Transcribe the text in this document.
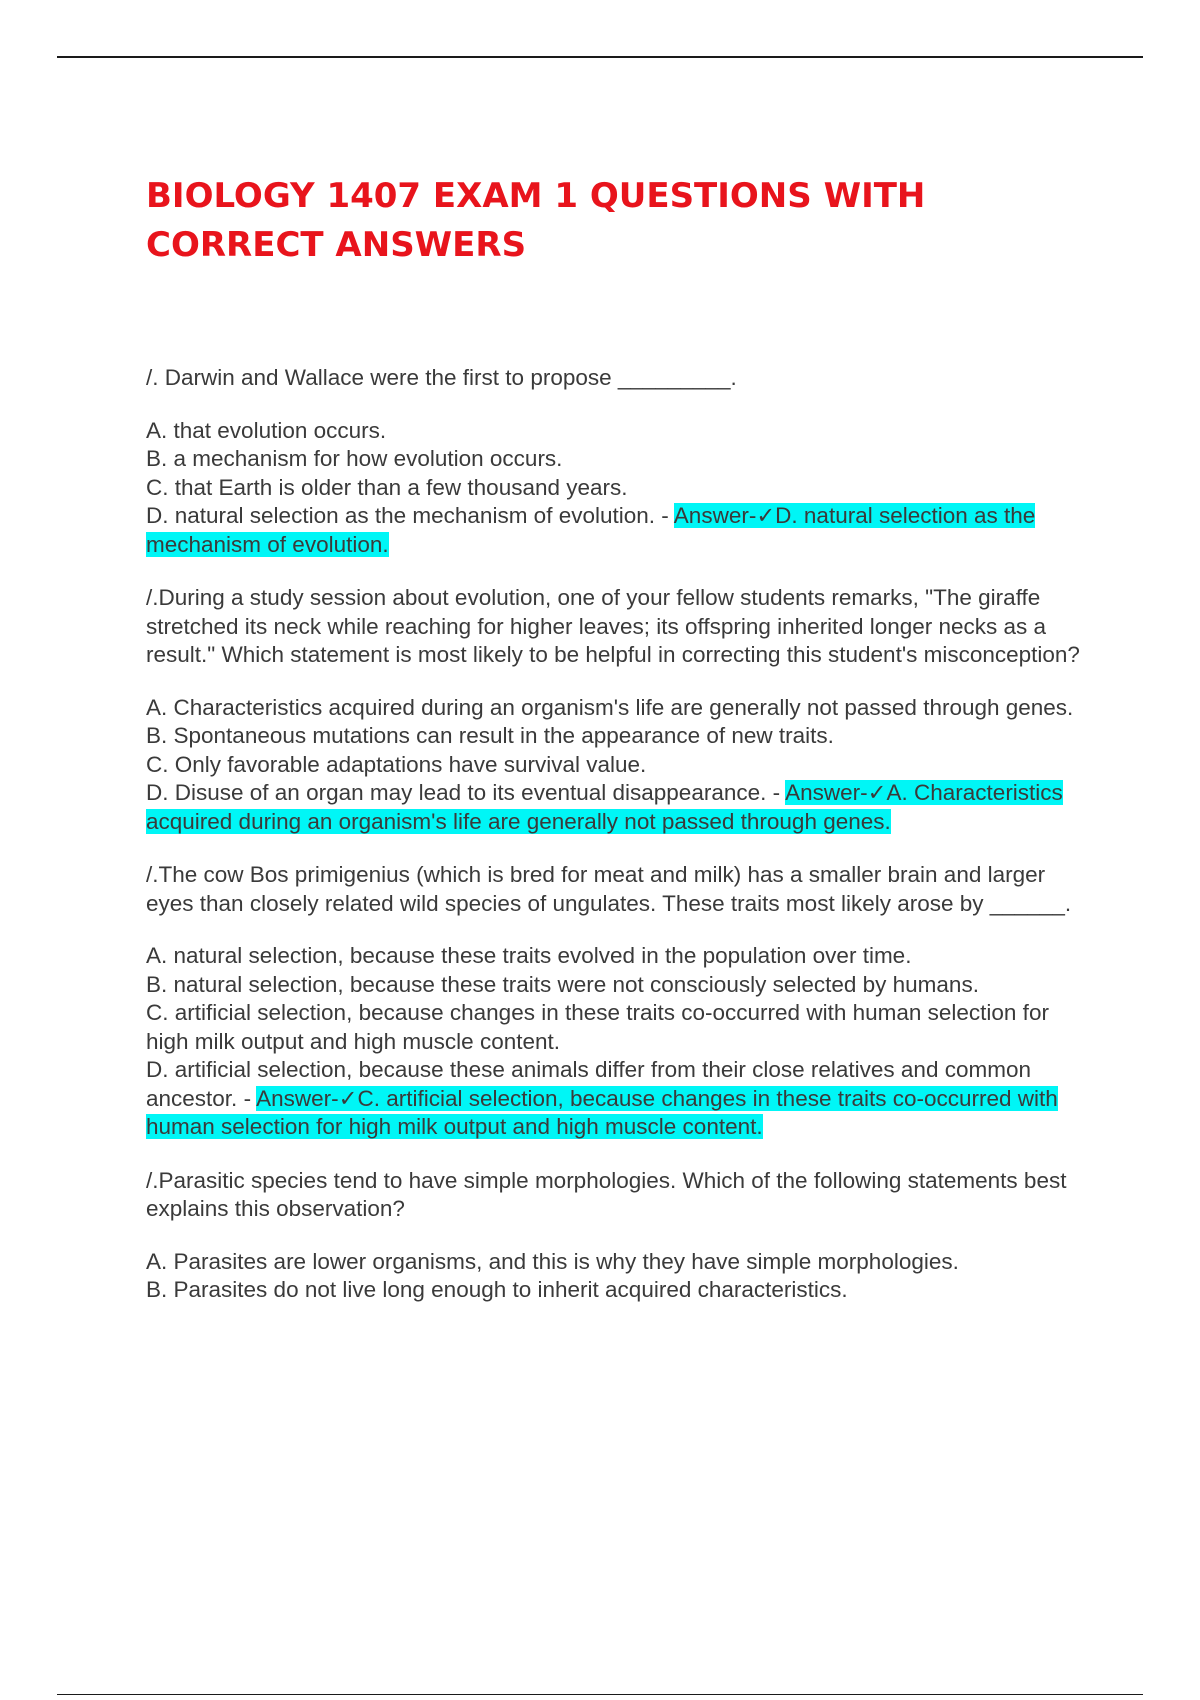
BIOLOGY 1407 EXAM 1 QUESTIONS WITH CORRECT ANSWERS

/. Darwin and Wallace were the first to propose _________.

A. that evolution occurs.

B. a mechanism for how evolution occurs.

C. that Earth is older than a few thousand years.

D. natural selection as the mechanism of evolution. - Answer-✓D. natural selection as the mechanism of evolution.

/.During a study session about evolution, one of your fellow students remarks, "The giraffe stretched its neck while reaching for higher leaves; its offspring inherited longer necks as a result." Which statement is most likely to be helpful in correcting this student's misconception?

A. Characteristics acquired during an organism's life are generally not passed through genes.

B. Spontaneous mutations can result in the appearance of new traits.

C. Only favorable adaptations have survival value.

D. Disuse of an organ may lead to its eventual disappearance. - Answer-✓A. Characteristics acquired during an organism's life are generally not passed through genes.

/.The cow Bos primigenius (which is bred for meat and milk) has a smaller brain and larger eyes than closely related wild species of ungulates. These traits most likely arose by ______.

A. natural selection, because these traits evolved in the population over time.

B. natural selection, because these traits were not consciously selected by humans.

C. artificial selection, because changes in these traits co-occurred with human selection for high milk output and high muscle content.

D. artificial selection, because these animals differ from their close relatives and common ancestor. - Answer-✓C. artificial selection, because changes in these traits co-occurred with human selection for high milk output and high muscle content.

/.Parasitic species tend to have simple morphologies. Which of the following statements best explains this observation?

A. Parasites are lower organisms, and this is why they have simple morphologies.

B. Parasites do not live long enough to inherit acquired characteristics.
